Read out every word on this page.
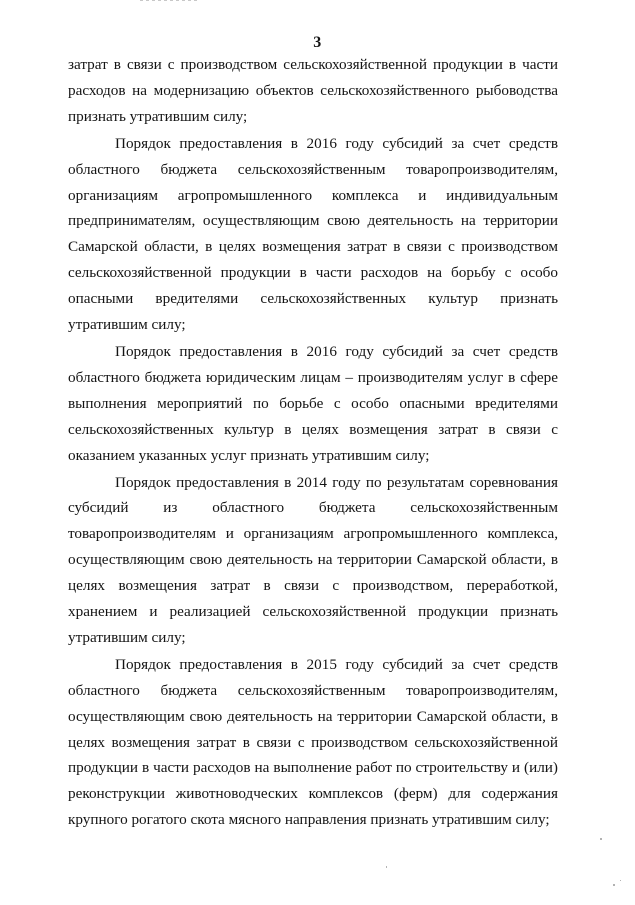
3

затрат в связи с производством сельскохозяйственной продукции в части расходов на модернизацию объектов сельскохозяйственного рыбоводства признать утратившим силу;

Порядок предоставления в 2016 году субсидий за счет средств областного бюджета сельскохозяйственным товаропроизводителям, организациям агропромышленного комплекса и индивидуальным предпринимателям, осуществляющим свою деятельность на территории Самарской области, в целях возмещения затрат в связи с производством сельскохозяйственной продукции в части расходов на борьбу с особо опасными вредителями сельскохозяйственных культур признать утратившим силу;

Порядок предоставления в 2016 году субсидий за счет средств областного бюджета юридическим лицам – производителям услуг в сфере выполнения мероприятий по борьбе с особо опасными вредителями сельскохозяйственных культур в целях возмещения затрат в связи с оказанием указанных услуг признать утратившим силу;

Порядок предоставления в 2014 году по результатам соревнования субсидий из областного бюджета сельскохозяйственным товаропроизводителям и организациям агропромышленного комплекса, осуществляющим свою деятельность на территории Самарской области, в целях возмещения затрат в связи с производством, переработкой, хранением и реализацией сельскохозяйственной продукции признать утратившим силу;

Порядок предоставления в 2015 году субсидий за счет средств областного бюджета сельскохозяйственным товаропроизводителям, осуществляющим свою деятельность на территории Самарской области, в целях возмещения затрат в связи с производством сельскохозяйственной продукции в части расходов на выполнение работ по строительству и (или) реконструкции животноводческих комплексов (ферм) для содержания крупного рогатого скота мясного направления признать утратившим силу;
